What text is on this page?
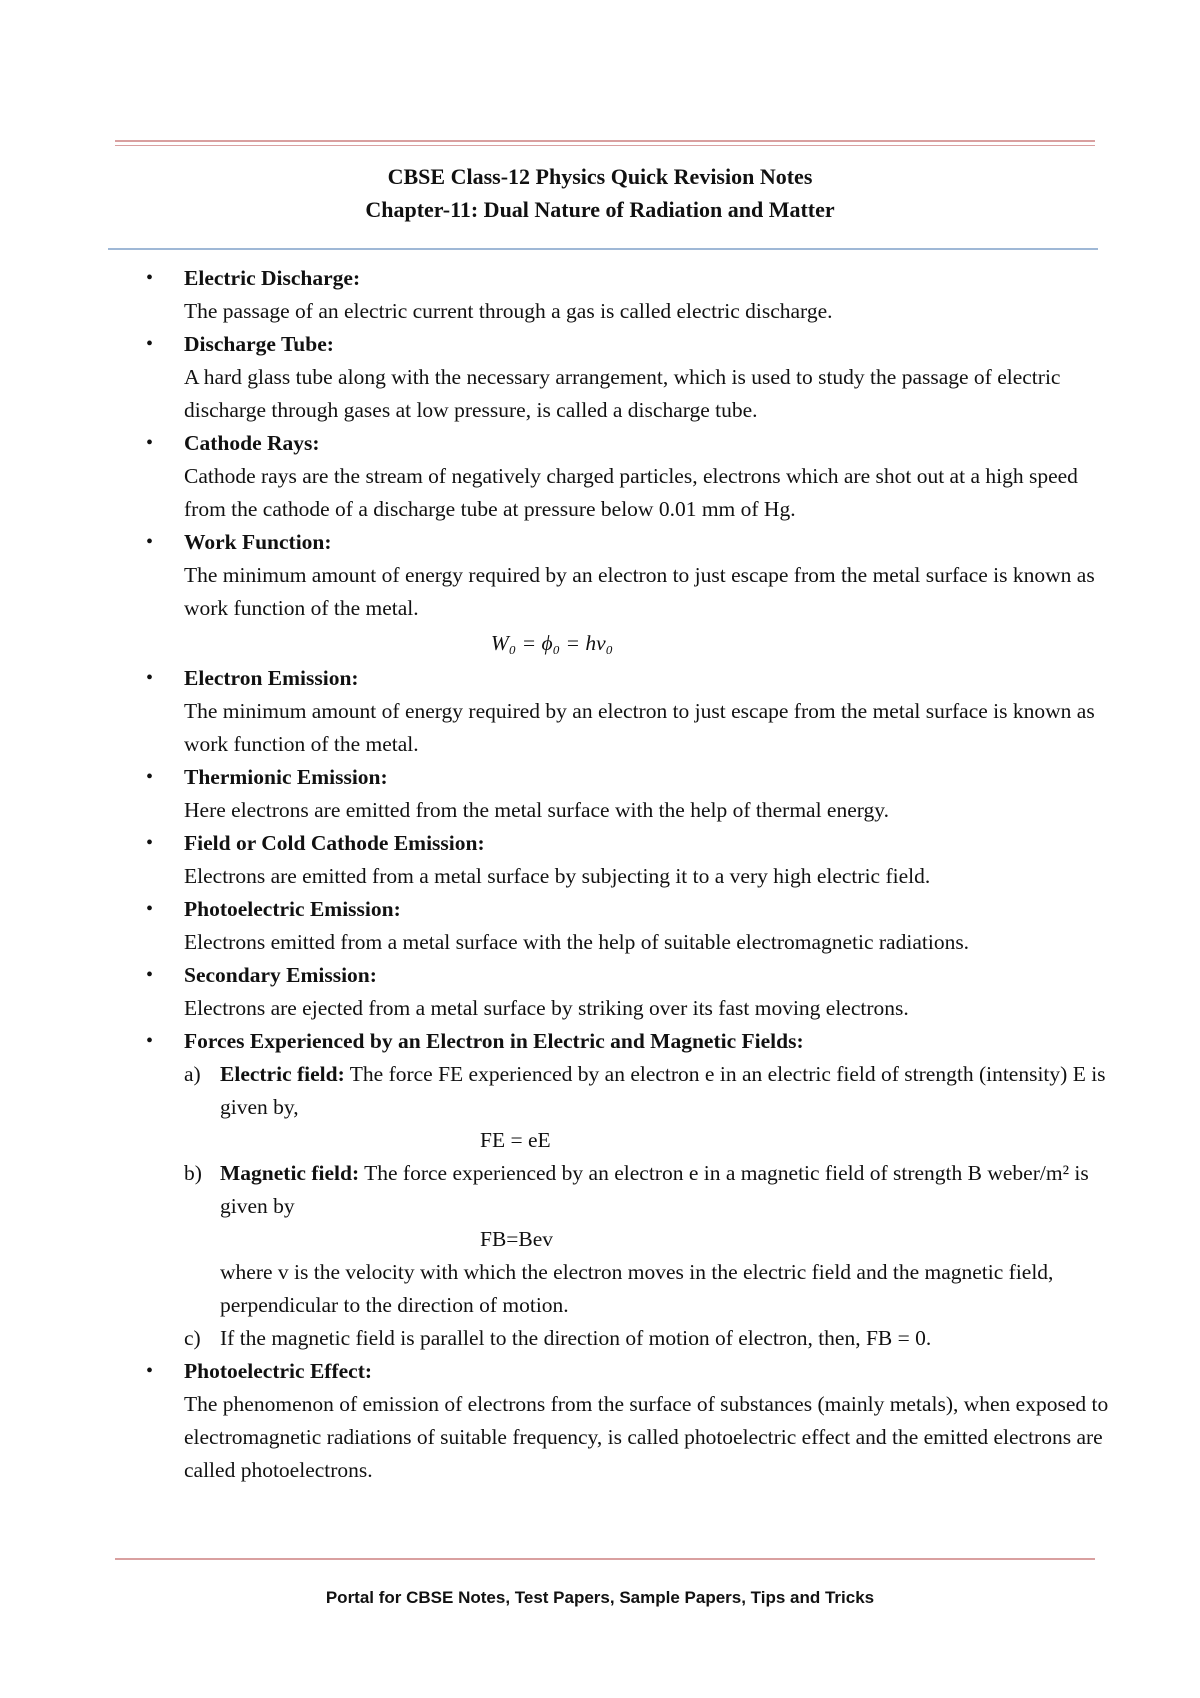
CBSE Class-12 Physics Quick Revision Notes
Chapter-11: Dual Nature of Radiation and Matter
• Electric Discharge:
The passage of an electric current through a gas is called electric discharge.
• Discharge Tube:
A hard glass tube along with the necessary arrangement, which is used to study the passage of electric discharge through gases at low pressure, is called a discharge tube.
• Cathode Rays:
Cathode rays are the stream of negatively charged particles, electrons which are shot out at a high speed from the cathode of a discharge tube at pressure below 0.01 mm of Hg.
• Work Function:
The minimum amount of energy required by an electron to just escape from the metal surface is known as work function of the metal.
W₀ = ϕ₀ = hν₀
• Electron Emission:
The minimum amount of energy required by an electron to just escape from the metal surface is known as work function of the metal.
• Thermionic Emission:
Here electrons are emitted from the metal surface with the help of thermal energy.
• Field or Cold Cathode Emission:
Electrons are emitted from a metal surface by subjecting it to a very high electric field.
• Photoelectric Emission:
Electrons emitted from a metal surface with the help of suitable electromagnetic radiations.
• Secondary Emission:
Electrons are ejected from a metal surface by striking over its fast moving electrons.
• Forces Experienced by an Electron in Electric and Magnetic Fields:
a) Electric field: The force FE experienced by an electron e in an electric field of strength (intensity) E is given by,
FE = eE
b) Magnetic field: The force experienced by an electron e in a magnetic field of strength B weber/m² is given by
FB=Bev
where v is the velocity with which the electron moves in the electric field and the magnetic field, perpendicular to the direction of motion.
c) If the magnetic field is parallel to the direction of motion of electron, then, FB = 0.
• Photoelectric Effect:
The phenomenon of emission of electrons from the surface of substances (mainly metals), when exposed to electromagnetic radiations of suitable frequency, is called photoelectric effect and the emitted electrons are called photoelectrons.
Portal for CBSE Notes, Test Papers, Sample Papers, Tips and Tricks
